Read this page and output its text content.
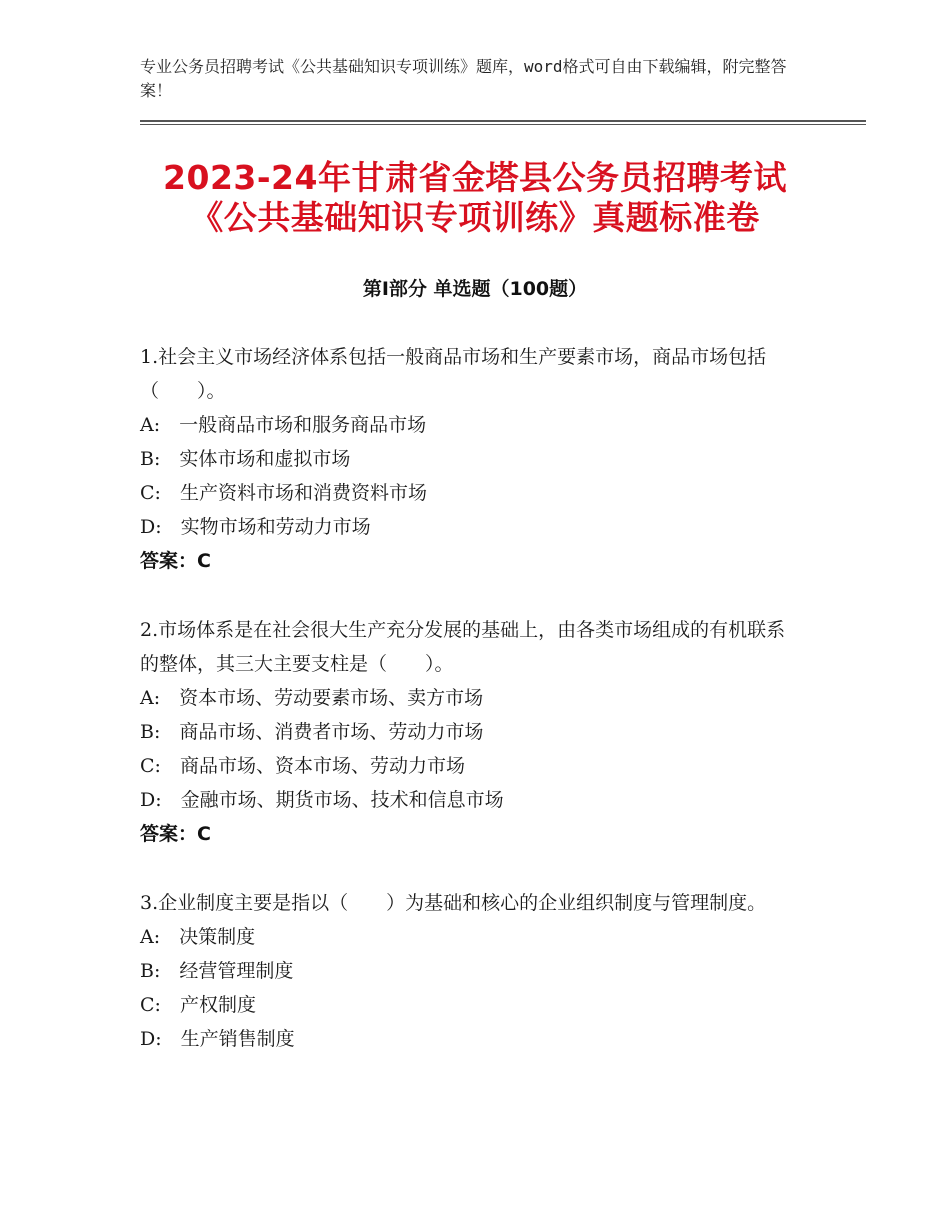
专业公务员招聘考试《公共基础知识专项训练》题库，word格式可自由下载编辑，附完整答案！
2023-24年甘肃省金塔县公务员招聘考试
《公共基础知识专项训练》真题标准卷
第Ⅰ部分 单选题（100题）

1.社会主义市场经济体系包括一般商品市场和生产要素市场，商品市场包括（　　）。

A:　一般商品市场和服务商品市场

B:　实体市场和虚拟市场

C:　生产资料市场和消费资料市场

D:　实物市场和劳动力市场

答案：C

2.市场体系是在社会很大生产充分发展的基础上，由各类市场组成的有机联系的整体，其三大主要支柱是（　　）。

A:　资本市场、劳动要素市场、卖方市场

B:　商品市场、消费者市场、劳动力市场

C:　商品市场、资本市场、劳动力市场

D:　金融市场、期货市场、技术和信息市场

答案：C

3.企业制度主要是指以（　　）为基础和核心的企业组织制度与管理制度。

A:　决策制度

B:　经营管理制度

C:　产权制度

D:　生产销售制度
